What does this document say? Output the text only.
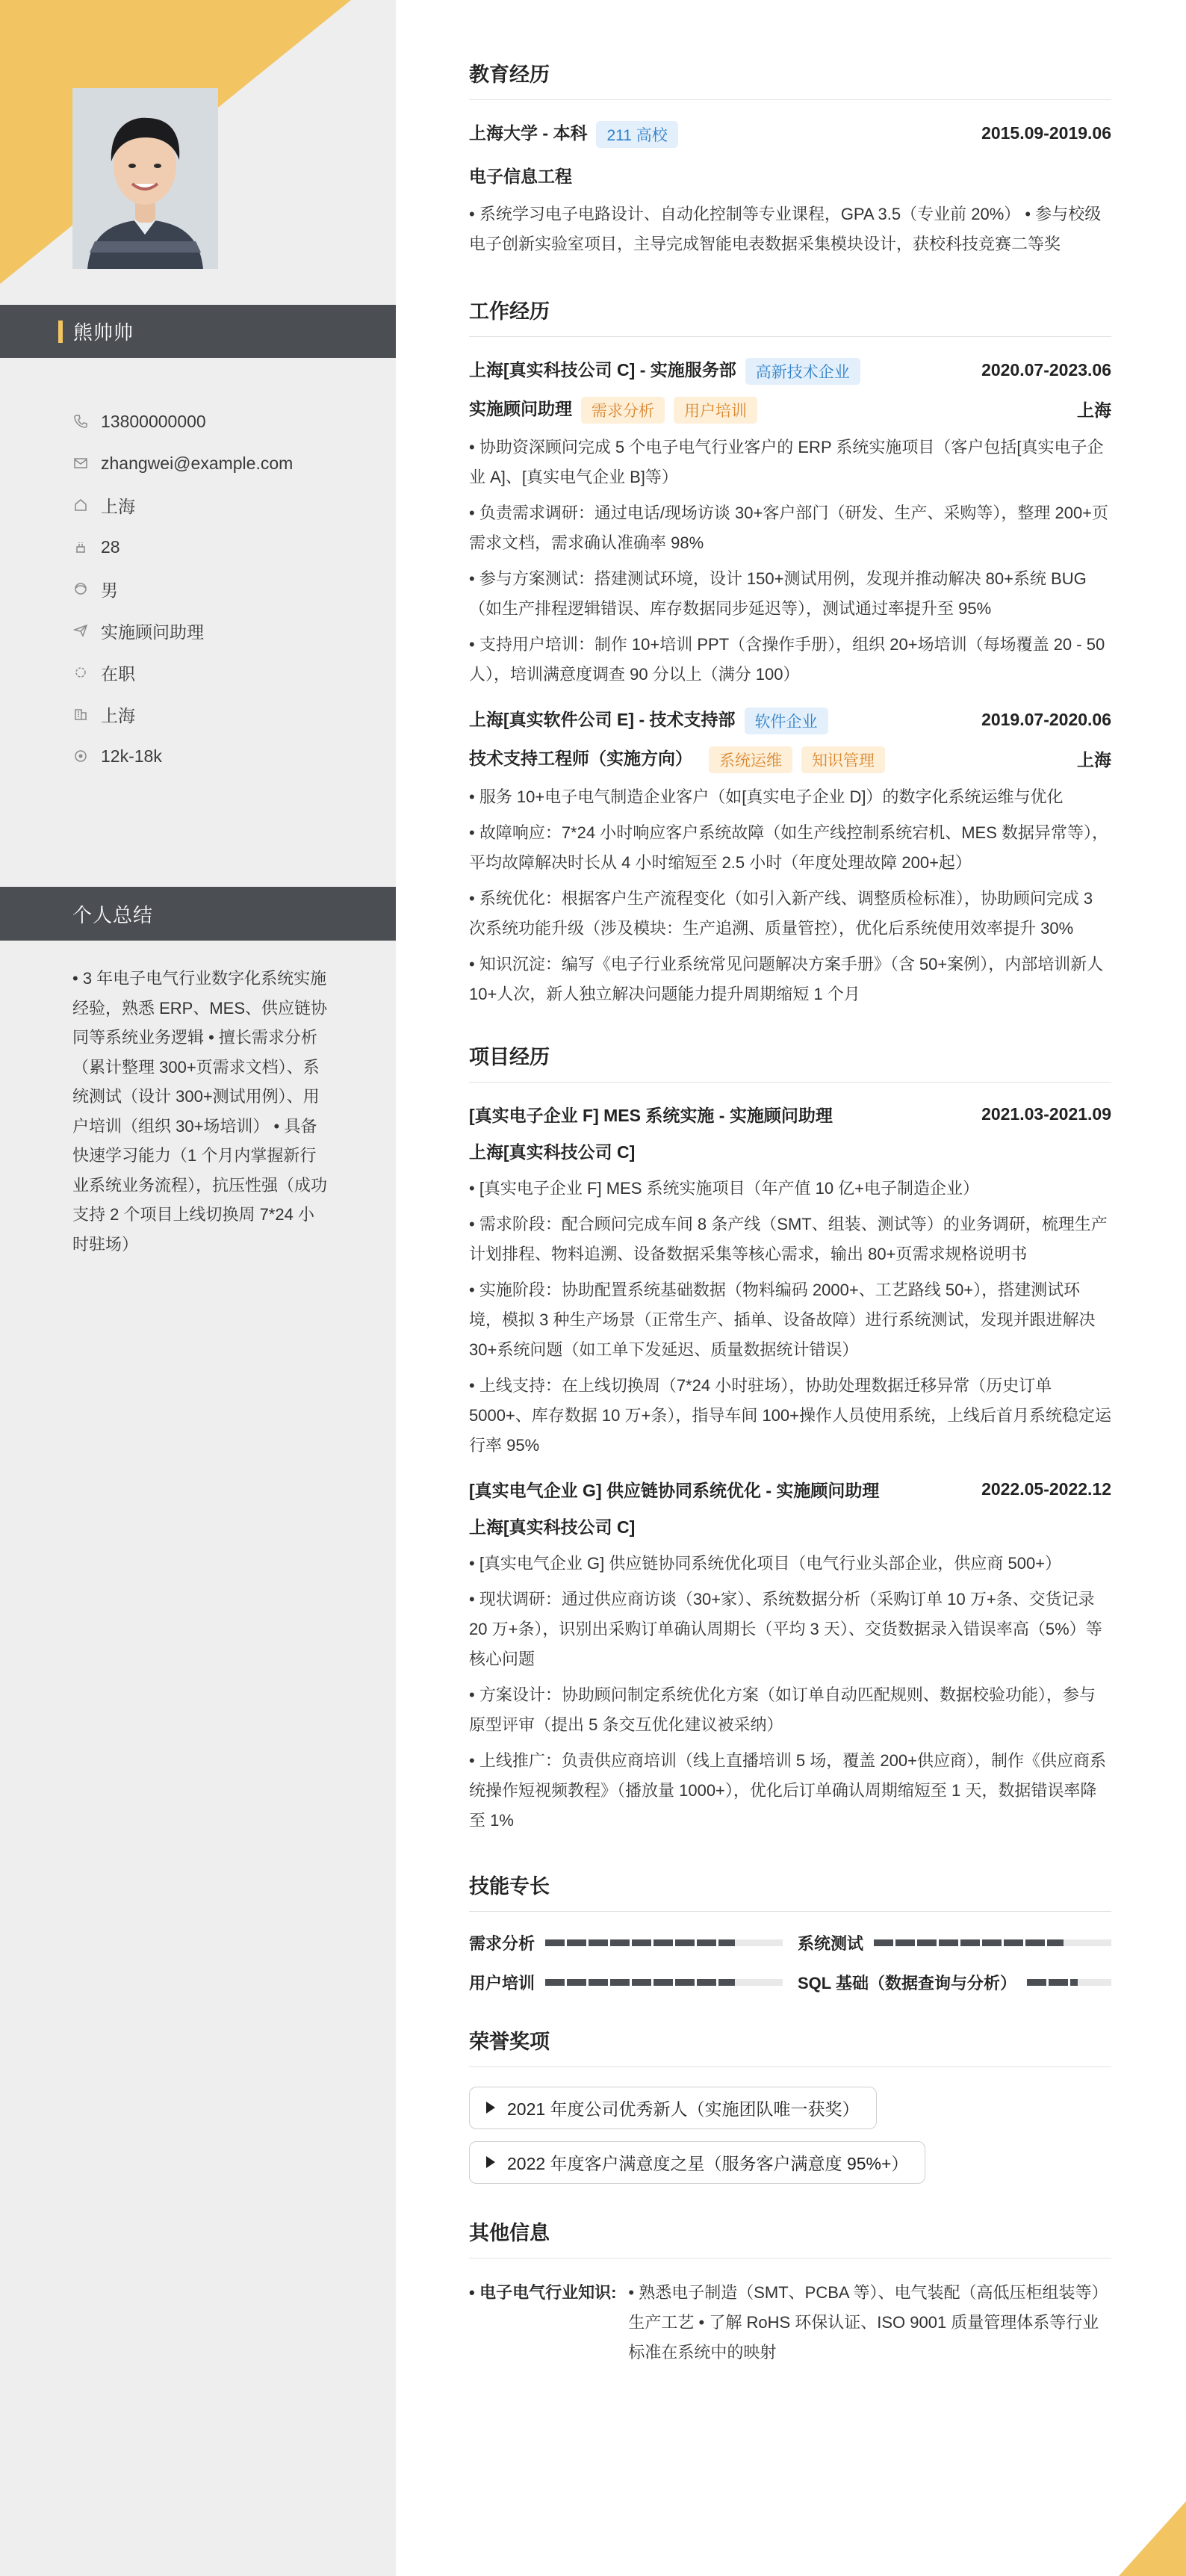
熊帅帅
13800000000
zhangwei@example.com
上海
28
男
实施顾问助理
在职
上海
12k-18k
个人总结
• 3 年电子电气行业数字化系统实施经验，熟悉 ERP、MES、供应链协同等系统业务逻辑 • 擅长需求分析（累计整理 300+页需求文档）、系统测试（设计 300+测试用例）、用户培训（组织 30+场培训） • 具备快速学习能力（1 个月内掌握新行业系统业务流程），抗压性强（成功支持 2 个项目上线切换周 7*24 小时驻场）
教育经历
上海大学 - 本科 211 高校	2015.09-2019.06
电子信息工程
• 系统学习电子电路设计、自动化控制等专业课程，GPA 3.5（专业前 20%） • 参与校级电子创新实验室项目，主导完成智能电表数据采集模块设计，获校科技竞赛二等奖
工作经历
上海[真实科技公司 C] - 实施服务部 高新技术企业	2020.07-2023.06
实施顾问助理 需求分析 用户培训	上海
• 协助资深顾问完成 5 个电子电气行业客户的 ERP 系统实施项目（客户包括[真实电子企业 A]、[真实电气企业 B]等）
• 负责需求调研：通过电话/现场访谈 30+客户部门（研发、生产、采购等），整理 200+页需求文档，需求确认准确率 98%
• 参与方案测试：搭建测试环境，设计 150+测试用例，发现并推动解决 80+系统 BUG（如生产排程逻辑错误、库存数据同步延迟等），测试通过率提升至 95%
• 支持用户培训：制作 10+培训 PPT（含操作手册），组织 20+场培训（每场覆盖 20 - 50 人），培训满意度调查 90 分以上（满分 100）
上海[真实软件公司 E] - 技术支持部 软件企业	2019.07-2020.06
技术支持工程师（实施方向） 系统运维 知识管理	上海
• 服务 10+电子电气制造企业客户（如[真实电子企业 D]）的数字化系统运维与优化
• 故障响应：7*24 小时响应客户系统故障（如生产线控制系统宕机、MES 数据异常等），平均故障解决时长从 4 小时缩短至 2.5 小时（年度处理故障 200+起）
• 系统优化：根据客户生产流程变化（如引入新产线、调整质检标准），协助顾问完成 3 次系统功能升级（涉及模块：生产追溯、质量管控），优化后系统使用效率提升 30%
• 知识沉淀：编写《电子行业系统常见问题解决方案手册》（含 50+案例），内部培训新人 10+人次，新人独立解决问题能力提升周期缩短 1 个月
项目经历
[真实电子企业 F] MES 系统实施 - 实施顾问助理	2021.03-2021.09
上海[真实科技公司 C]
• [真实电子企业 F] MES 系统实施项目（年产值 10 亿+电子制造企业）
• 需求阶段：配合顾问完成车间 8 条产线（SMT、组装、测试等）的业务调研，梳理生产计划排程、物料追溯、设备数据采集等核心需求，输出 80+页需求规格说明书
• 实施阶段：协助配置系统基础数据（物料编码 2000+、工艺路线 50+），搭建测试环境，模拟 3 种生产场景（正常生产、插单、设备故障）进行系统测试，发现并跟进解决 30+系统问题（如工单下发延迟、质量数据统计错误）
• 上线支持：在上线切换周（7*24 小时驻场），协助处理数据迁移异常（历史订单 5000+、库存数据 10 万+条），指导车间 100+操作人员使用系统，上线后首月系统稳定运行率 95%
[真实电气企业 G] 供应链协同系统优化 - 实施顾问助理	2022.05-2022.12
上海[真实科技公司 C]
• [真实电气企业 G] 供应链协同系统优化项目（电气行业头部企业，供应商 500+）
• 现状调研：通过供应商访谈（30+家）、系统数据分析（采购订单 10 万+条、交货记录 20 万+条），识别出采购订单确认周期长（平均 3 天）、交货数据录入错误率高（5%）等核心问题
• 方案设计：协助顾问制定系统优化方案（如订单自动匹配规则、数据校验功能），参与原型评审（提出 5 条交互优化建议被采纳）
• 上线推广：负责供应商培训（线上直播培训 5 场，覆盖 200+供应商），制作《供应商系统操作短视频教程》（播放量 1000+），优化后订单确认周期缩短至 1 天，数据错误率降至 1%
技能专长
需求分析	系统测试
用户培训	SQL 基础（数据查询与分析）
荣誉奖项
2021 年度公司优秀新人（实施团队唯一获奖）
2022 年度客户满意度之星（服务客户满意度 95%+）
其他信息
• 电子电气行业知识: • 熟悉电子制造（SMT、PCBA 等）、电气装配（高低压柜组装等）生产工艺 • 了解 RoHS 环保认证、ISO 9001 质量管理体系等行业标准在系统中的映射
